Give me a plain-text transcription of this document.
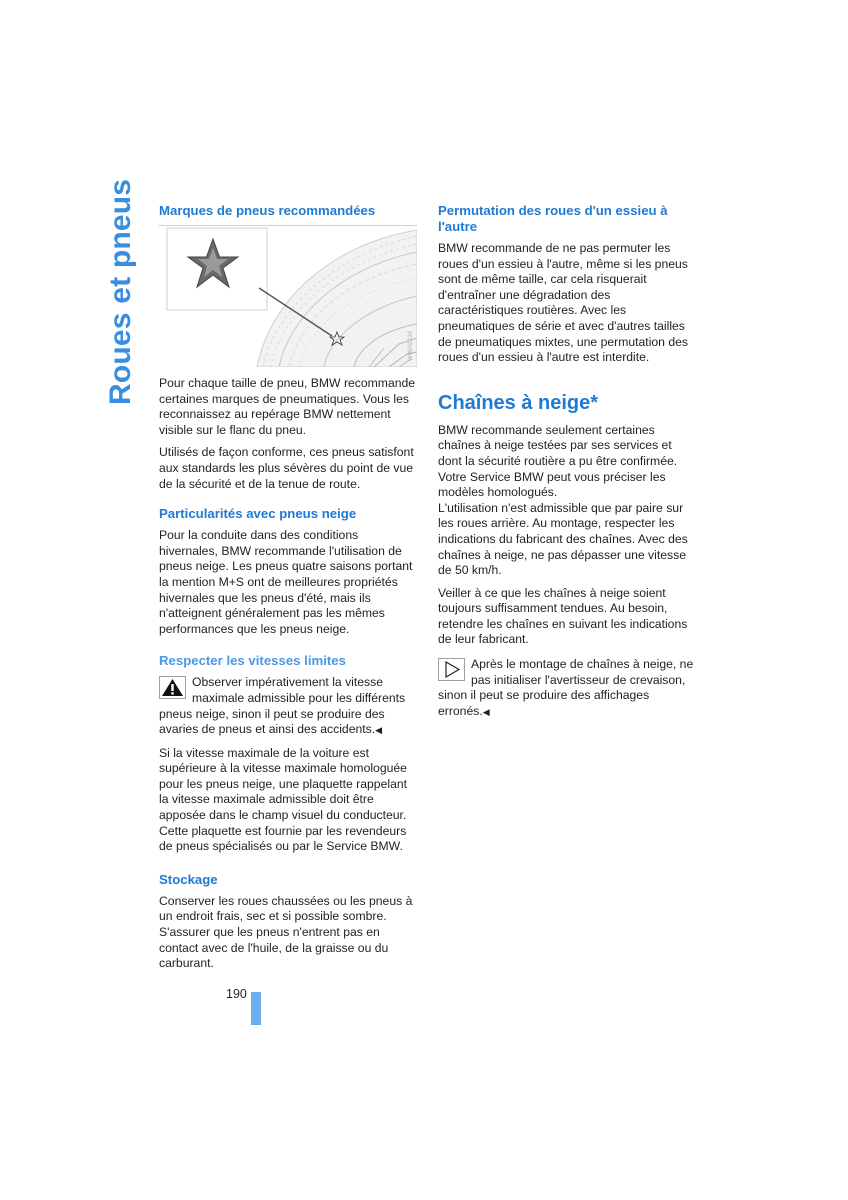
Roues et pneus Marques de pneus recommandées
W06H1234

Pour chaque taille de pneu, BMW recommande certaines marques de pneumatiques. Vous les reconnaissez au repérage BMW nettement visible sur le flanc du pneu.

Utilisés de façon conforme, ces pneus satisfont aux standards les plus sévères du point de vue de la sécurité et de la tenue de route.

Particularités avec pneus neige

Pour la conduite dans des conditions hivernales, BMW recommande l'utilisation de pneus neige. Les pneus quatre saisons portant la mention M+S ont de meilleures propriétés hivernales que les pneus d'été, mais ils n'atteignent généralement pas les mêmes performances que les pneus neige.

Respecter les vitesses limites
Observer impérativement la vitesse maximale admissible pour les différents pneus neige, sinon il peut se produire des avaries de pneus et ainsi des accidents.◀

Si la vitesse maximale de la voiture est supérieure à la vitesse maximale homologuée pour les pneus neige, une plaquette rappelant la vitesse maximale admissible doit être apposée dans le champ visuel du conducteur. Cette plaquette est fournie par les revendeurs de pneus spécialisés ou par le Service BMW.

Stockage

Conserver les roues chaussées ou les pneus à un endroit frais, sec et si possible sombre. S'assurer que les pneus n'entrent pas en contact avec de l'huile, de la graisse ou du carburant.

Permutation des roues d'un essieu à l'autre

BMW recommande de ne pas permuter les roues d'un essieu à l'autre, même si les pneus sont de même taille, car cela risquerait d'entraîner une dégradation des caractéristiques routières. Avec les pneumatiques de série et avec d'autres tailles de pneumatiques mixtes, une permutation des roues d'un essieu à l'autre est interdite.

Chaînes à neige*

BMW recommande seulement certaines chaînes à neige testées par ses services et dont la sécurité routière a pu être confirmée. Votre Service BMW peut vous préciser les modèles homologués.

L'utilisation n'est admissible que par paire sur les roues arrière. Au montage, respecter les indications du fabricant des chaînes. Avec des chaînes à neige, ne pas dépasser une vitesse de 50 km/h.

Veiller à ce que les chaînes à neige soient toujours suffisamment tendues. Au besoin, retendre les chaînes en suivant les indications de leur fabricant.

Après le montage de chaînes à neige, ne pas initialiser l'avertisseur de crevaison, sinon il peut se produire des affichages erronés.◀
190
